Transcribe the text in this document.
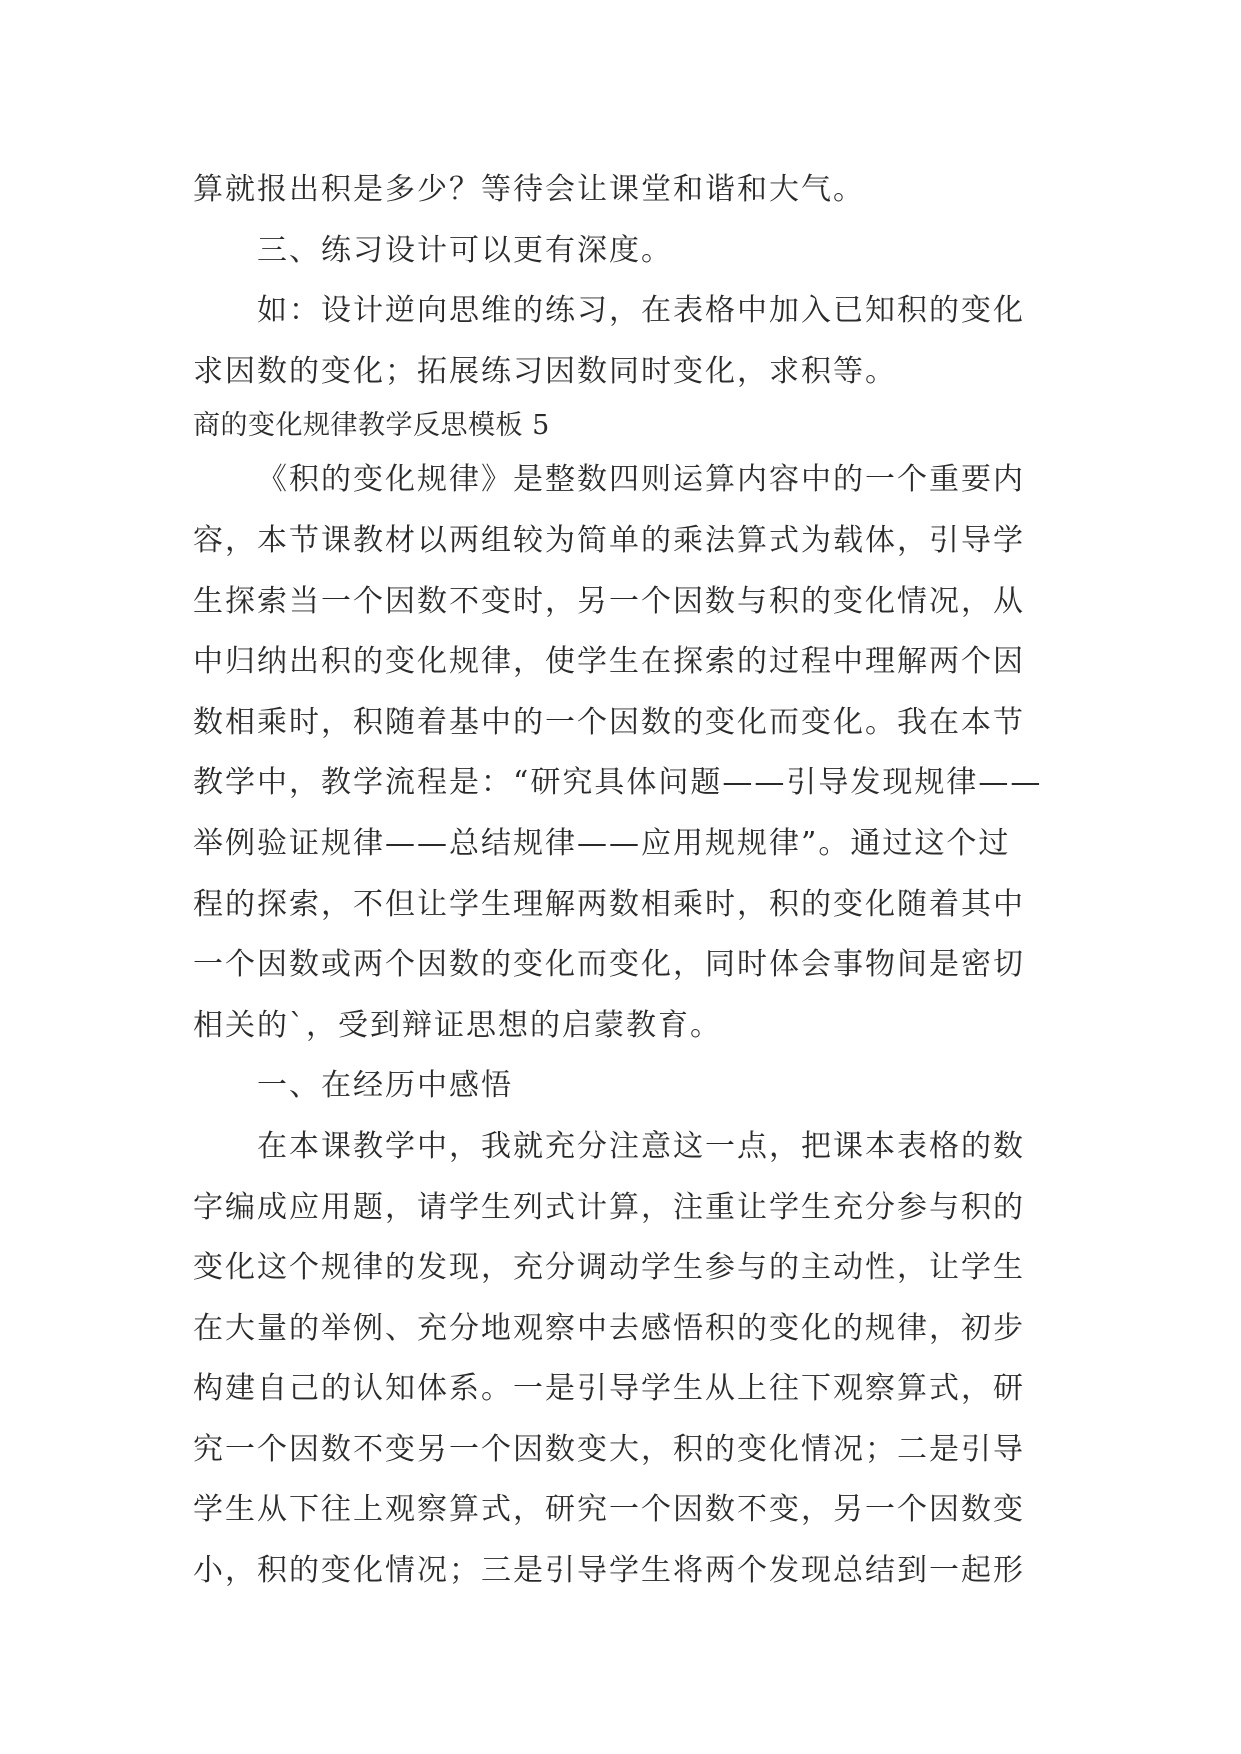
算就报出积是多少？等待会让课堂和谐和大气。
三、练习设计可以更有深度。
如：设计逆向思维的练习，在表格中加入已知积的变化
求因数的变化；拓展练习因数同时变化，求积等。
商的变化规律教学反思模板 5
《积的变化规律》是整数四则运算内容中的一个重要内
容，本节课教材以两组较为简单的乘法算式为载体，引导学
生探索当一个因数不变时，另一个因数与积的变化情况，从
中归纳出积的变化规律，使学生在探索的过程中理解两个因
数相乘时，积随着基中的一个因数的变化而变化。我在本节
教学中，教学流程是：“研究具体问题——引导发现规律——
举例验证规律——总结规律——应用规规律”。通过这个过
程的探索，不但让学生理解两数相乘时，积的变化随着其中
一个因数或两个因数的变化而变化，同时体会事物间是密切
相关的`，受到辩证思想的启蒙教育。
一、在经历中感悟
在本课教学中，我就充分注意这一点，把课本表格的数
字编成应用题，请学生列式计算，注重让学生充分参与积的
变化这个规律的发现，充分调动学生参与的主动性，让学生
在大量的举例、充分地观察中去感悟积的变化的规律，初步
构建自己的认知体系。一是引导学生从上往下观察算式，研
究一个因数不变另一个因数变大，积的变化情况；二是引导
学生从下往上观察算式，研究一个因数不变，另一个因数变
小，积的变化情况；三是引导学生将两个发现总结到一起形
